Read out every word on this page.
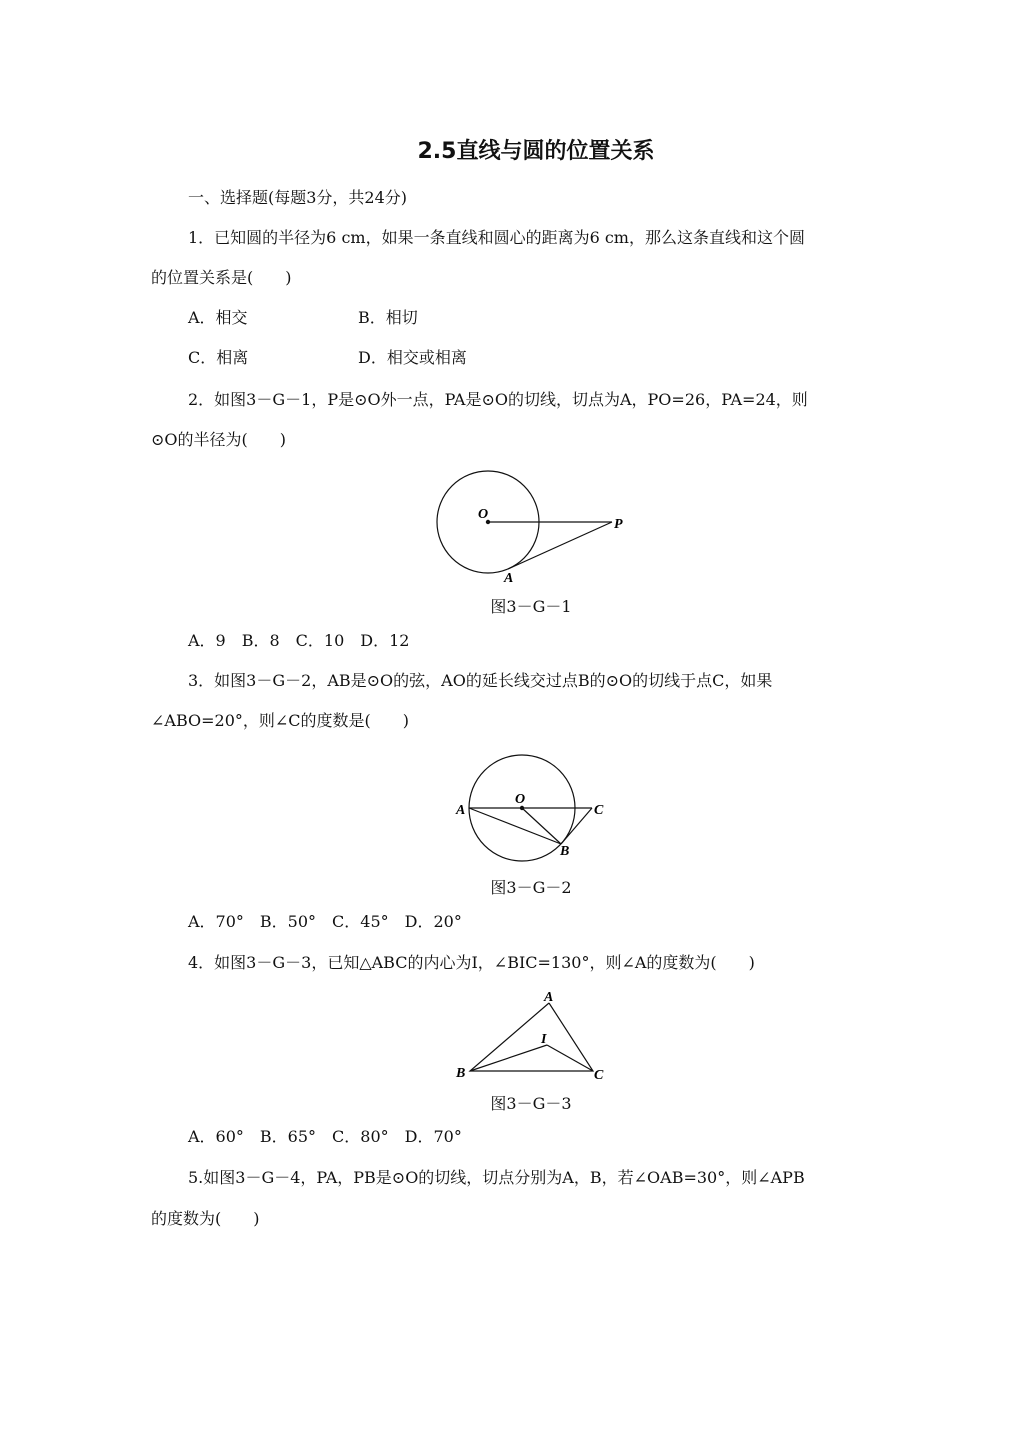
2.5直线与圆的位置关系
一、选择题(每题3分，共24分)
1．已知圆的半径为6 cm，如果一条直线和圆心的距离为6 cm，那么这条直线和这个圆
的位置关系是(　　)
A．相交	B．相切
C．相离	D．相交或相离
2．如图3－G－1，P是⊙O外一点，PA是⊙O的切线，切点为A，PO=26，PA=24，则
⊙O的半径为(　　)
O
P
A
图3－G－1
A．9　B．8　C．10　D．12
3．如图3－G－2，AB是⊙O的弦，AO的延长线交过点B的⊙O的切线于点C，如果
∠ABO=20°，则∠C的度数是(　　)
A
O
C
B
图3－G－2
A．70°　B．50°　C．45°　D．20°
4．如图3－G－3，已知△ABC的内心为I，∠BIC=130°，则∠A的度数为(　　)
A
I
B	C
图3－G－3
A．60°　B．65°　C．80°　D．70°
5.如图3－G－4，PA，PB是⊙O的切线，切点分别为A，B，若∠OAB=30°，则∠APB
的度数为(　　)
